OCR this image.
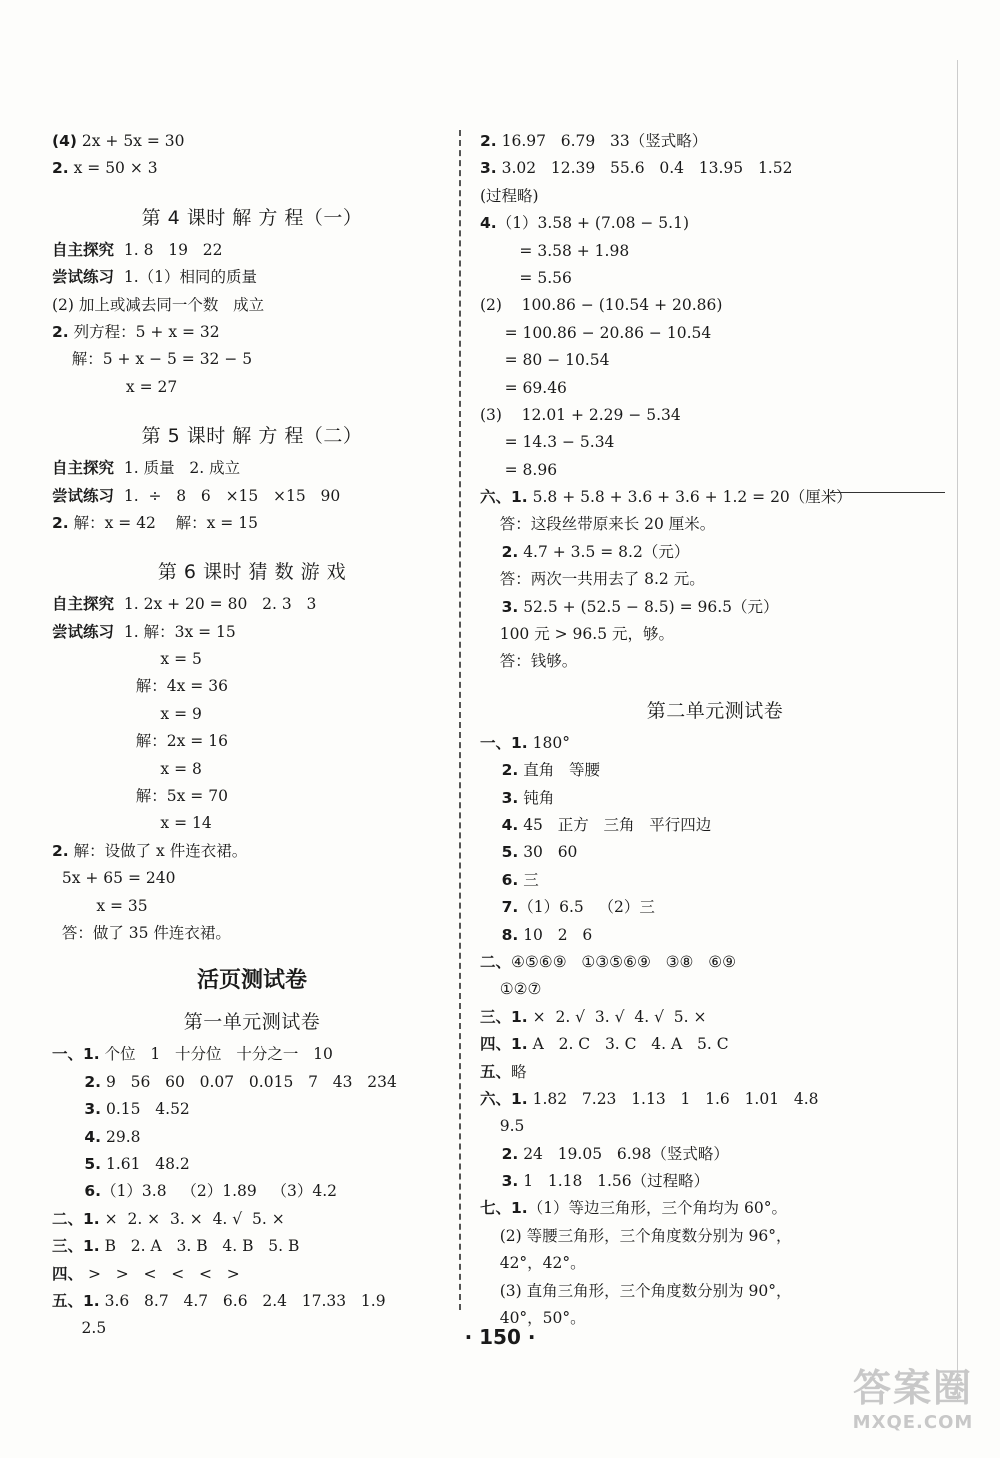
(4) 2x + 5x = 30
2. x = 50 × 3
第 4 课时 解 方 程（一）
自主探究  1. 8   19   22
尝试练习  1.（1）相同的质量
(2) 加上或减去同一个数   成立
2. 列方程：5 + x = 32
解：5 + x − 5 = 32 − 5
x = 27
第 5 课时 解 方 程（二）
自主探究  1. 质量   2. 成立
尝试练习  1.  ÷   8   6   ×15   ×15   90
2. 解：x = 42    解：x = 15
第 6 课时 猜 数 游 戏
自主探究  1. 2x + 20 = 80   2. 3   3
尝试练习  1. 解：3x = 15
x = 5
解：4x = 36
x = 9
解：2x = 16
x = 8
解：5x = 70
x = 14
2. 解：设做了 x 件连衣裙。
5x + 65 = 240
x = 35
答：做了 35 件连衣裙。
活页测试卷
第一单元测试卷
一、1. 个位   1   十分位   十分之一   10
2. 9   56   60   0.07   0.015   7   43   234
3. 0.15   4.52
4. 29.8
5. 1.61   48.2
6.（1）3.8   （2）1.89   （3）4.2
二、1. ×  2. ×  3. ×  4. √  5. ×
三、1. B   2. A   3. B   4. B   5. B
四、 >   >   <   <   <   >
五、1. 3.6   8.7   4.7   6.6   2.4   17.33   1.9
2.5
2. 16.97   6.79   33（竖式略）
3. 3.02   12.39   55.6   0.4   13.95   1.52
(过程略)
4.（1）3.58 + (7.08 − 5.1)
= 3.58 + 1.98
= 5.56
(2)    100.86 − (10.54 + 20.86)
= 100.86 − 20.86 − 10.54
= 80 − 10.54
= 69.46
(3)    12.01 + 2.29 − 5.34
= 14.3 − 5.34
= 8.96
六、1. 5.8 + 5.8 + 3.6 + 3.6 + 1.2 = 20（厘米）
答：这段丝带原来长 20 厘米。
2. 4.7 + 3.5 = 8.2（元）
答：两次一共用去了 8.2 元。
3. 52.5 + (52.5 − 8.5) = 96.5（元）
100 元 > 96.5 元，够。
答：钱够。
第二单元测试卷
一、1. 180°
2. 直角   等腰
3. 钝角
4. 45   正方   三角   平行四边
5. 30   60
6. 三
7.（1）6.5   （2）三
8. 10   2   6
二、④⑤⑥⑨   ①③⑤⑥⑨   ③⑧   ⑥⑨
①②⑦
三、1. ×  2. √  3. √  4. √  5. ×
四、1. A   2. C   3. C   4. A   5. C
五、略
六、1. 1.82   7.23   1.13   1   1.6   1.01   4.8
9.5
2. 24   19.05   6.98（竖式略）
3. 1   1.18   1.56（过程略）
七、1.（1）等边三角形，三个角均为 60°。
(2) 等腰三角形，三个角度数分别为 96°，
42°，42°。
(3) 直角三角形，三个角度数分别为 90°，
40°，50°。
· 150 ·
答案圈
MXQE.COM
